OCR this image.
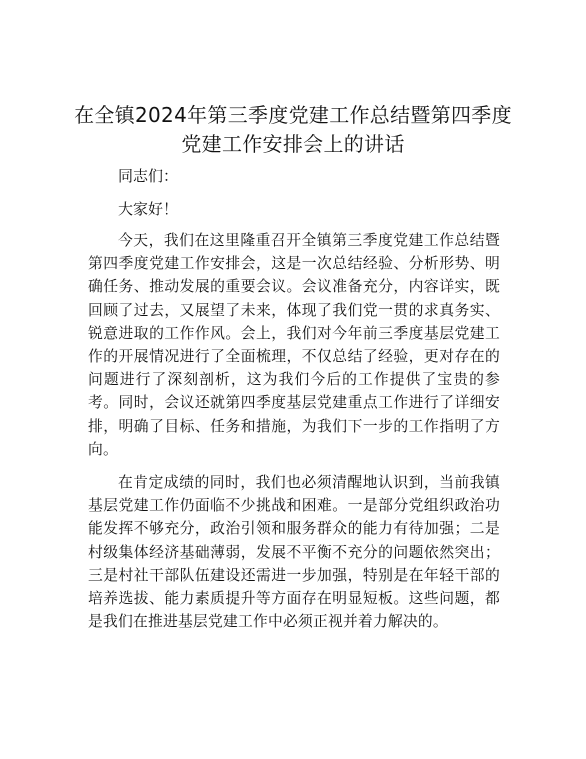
在全镇2024年第三季度党建工作总结暨第四季度党建工作安排会上的讲话

同志们：

大家好！

今天，我们在这里隆重召开全镇第三季度党建工作总结暨第四季度党建工作安排会，这是一次总结经验、分析形势、明确任务、推动发展的重要会议。会议准备充分，内容详实，既回顾了过去，又展望了未来，体现了我们党一贯的求真务实、锐意进取的工作作风。会上，我们对今年前三季度基层党建工作的开展情况进行了全面梳理，不仅总结了经验，更对存在的问题进行了深刻剖析，这为我们今后的工作提供了宝贵的参考。同时，会议还就第四季度基层党建重点工作进行了详细安排，明确了目标、任务和措施，为我们下一步的工作指明了方向。

在肯定成绩的同时，我们也必须清醒地认识到，当前我镇基层党建工作仍面临不少挑战和困难。一是部分党组织政治功能发挥不够充分，政治引领和服务群众的能力有待加强；二是村级集体经济基础薄弱，发展不平衡不充分的问题依然突出；三是村社干部队伍建设还需进一步加强，特别是在年轻干部的培养选拔、能力素质提升等方面存在明显短板。这些问题，都是我们在推进基层党建工作中必须正视并着力解决的。
